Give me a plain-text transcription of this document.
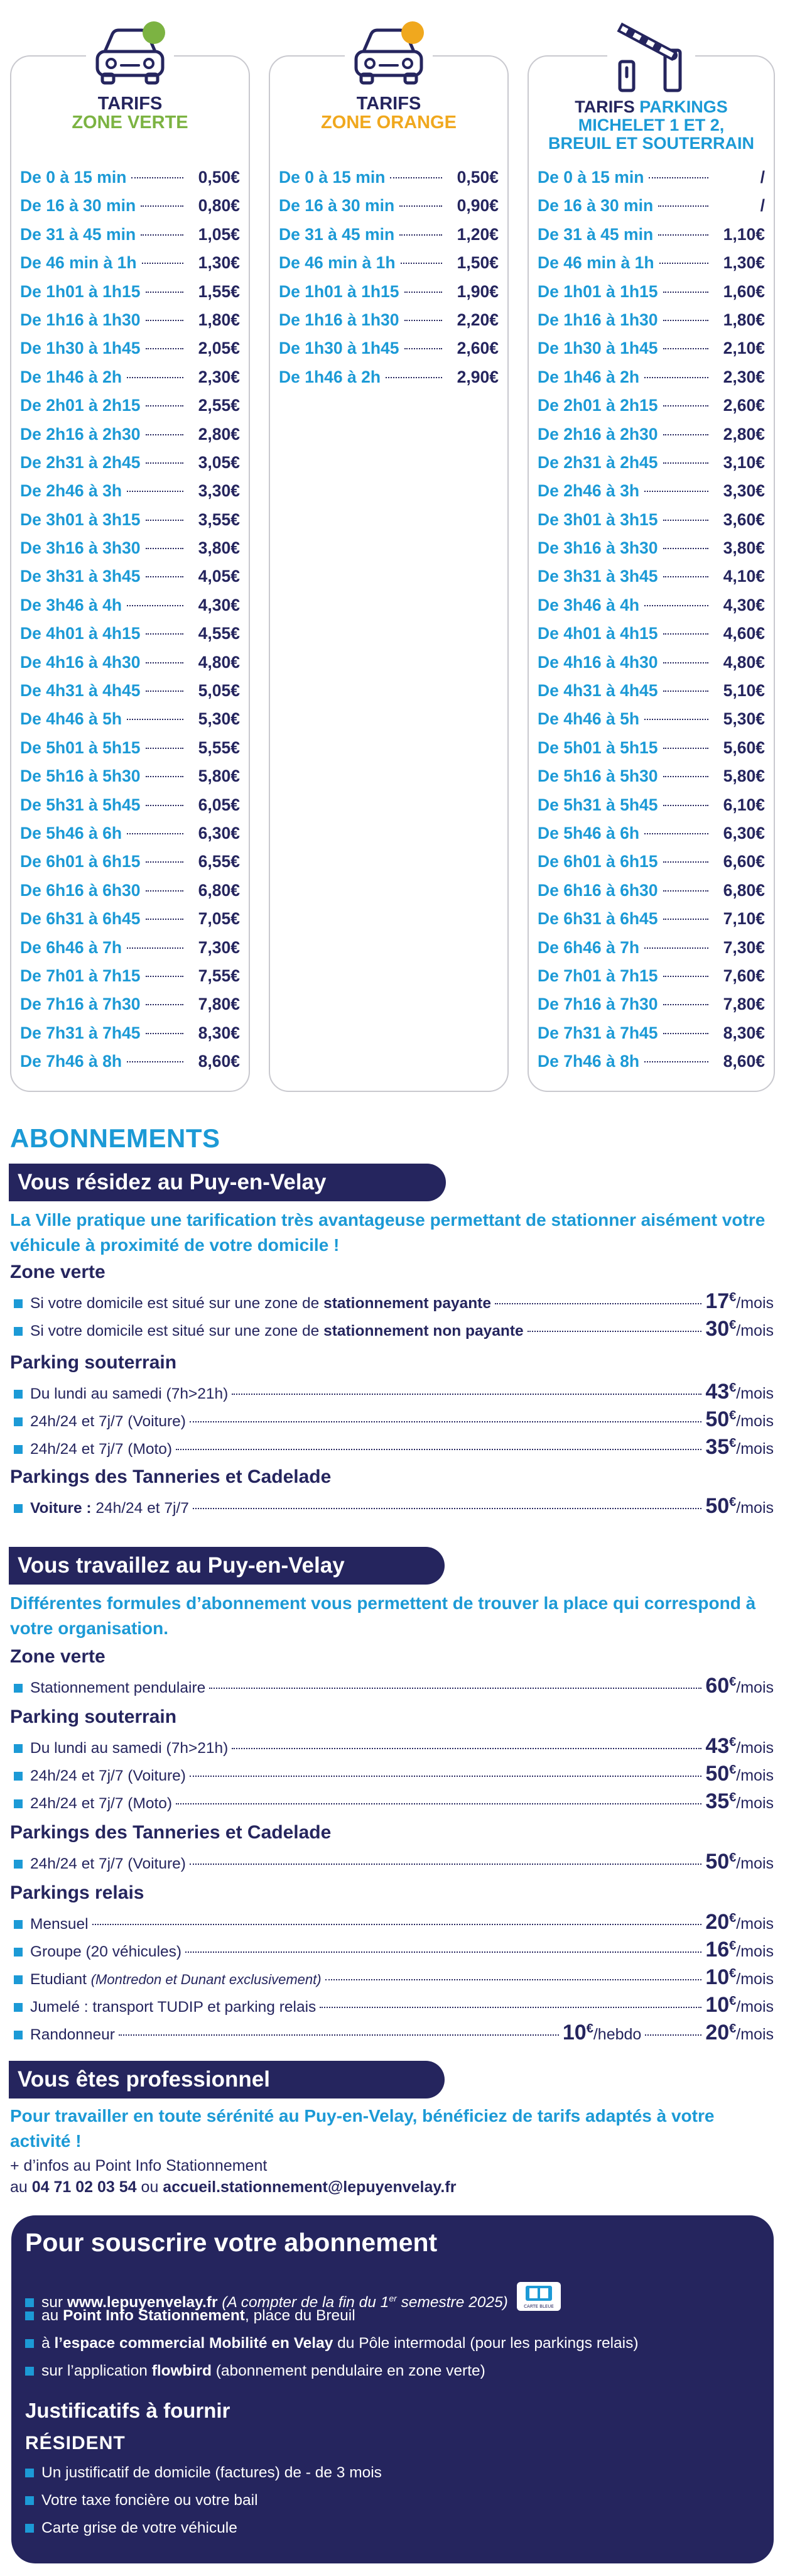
TARIFS
ZONE VERTE
De 0 à 15 min	0,50€
De 16 à 30 min	0,80€
De 31 à 45 min	1,05€
De 46 min à 1h	1,30€
De 1h01 à 1h15	1,55€
De 1h16 à 1h30	1,80€
De 1h30 à 1h45	2,05€
De 1h46 à 2h	2,30€
De 2h01 à 2h15	2,55€
De 2h16 à 2h30	2,80€
De 2h31 à 2h45	3,05€
De 2h46 à 3h	3,30€
De 3h01 à 3h15	3,55€
De 3h16 à 3h30	3,80€
De 3h31 à 3h45	4,05€
De 3h46 à 4h	4,30€
De 4h01 à 4h15	4,55€
De 4h16 à 4h30	4,80€
De 4h31 à 4h45	5,05€
De 4h46 à 5h	5,30€
De 5h01 à 5h15	5,55€
De 5h16 à 5h30	5,80€
De 5h31 à 5h45	6,05€
De 5h46 à 6h	6,30€
De 6h01 à 6h15	6,55€
De 6h16 à 6h30	6,80€
De 6h31 à 6h45	7,05€
De 6h46 à 7h	7,30€
De 7h01 à 7h15	7,55€
De 7h16 à 7h30	7,80€
De 7h31 à 7h45	8,30€
De 7h46 à 8h	8,60€
TARIFS
ZONE ORANGE
De 0 à 15 min	0,50€
De 16 à 30 min	0,90€
De 31 à 45 min	1,20€
De 46 min à 1h	1,50€
De 1h01 à 1h15	1,90€
De 1h16 à 1h30	2,20€
De 1h30 à 1h45	2,60€
De 1h46 à 2h	2,90€
TARIFS PARKINGS
MICHELET 1 ET 2,
BREUIL ET SOUTERRAIN
De 0 à 15 min	/
De 16 à 30 min	/
De 31 à 45 min	1,10€
De 46 min à 1h	1,30€
De 1h01 à 1h15	1,60€
De 1h16 à 1h30	1,80€
De 1h30 à 1h45	2,10€
De 1h46 à 2h	2,30€
De 2h01 à 2h15	2,60€
De 2h16 à 2h30	2,80€
De 2h31 à 2h45	3,10€
De 2h46 à 3h	3,30€
De 3h01 à 3h15	3,60€
De 3h16 à 3h30	3,80€
De 3h31 à 3h45	4,10€
De 3h46 à 4h	4,30€
De 4h01 à 4h15	4,60€
De 4h16 à 4h30	4,80€
De 4h31 à 4h45	5,10€
De 4h46 à 5h	5,30€
De 5h01 à 5h15	5,60€
De 5h16 à 5h30	5,80€
De 5h31 à 5h45	6,10€
De 5h46 à 6h	6,30€
De 6h01 à 6h15	6,60€
De 6h16 à 6h30	6,80€
De 6h31 à 6h45	7,10€
De 6h46 à 7h	7,30€
De 7h01 à 7h15	7,60€
De 7h16 à 7h30	7,80€
De 7h31 à 7h45	8,30€
De 7h46 à 8h	8,60€
ABONNEMENTS
Vous résidez au Puy-en-Velay
La Ville pratique une tarification très avantageuse permettant de stationner aisément votre véhicule à proximité de votre domicile !
Zone verte
Si votre domicile est situé sur une zone de stationnement payante	17€/mois
Si votre domicile est situé sur une zone de stationnement non payante	30€/mois
Parking souterrain
Du lundi au samedi (7h>21h)	43€/mois
24h/24 et 7j/7 (Voiture)	50€/mois
24h/24 et 7j/7 (Moto)	35€/mois
Parkings des Tanneries et Cadelade
Voiture : 24h/24 et 7j/7	50€/mois
Vous travaillez au Puy-en-Velay
Différentes formules d’abonnement vous permettent de trouver la place qui correspond à votre organisation.
Zone verte
Stationnement pendulaire	60€/mois
Parking souterrain
Du lundi au samedi (7h>21h)	43€/mois
24h/24 et 7j/7 (Voiture)	50€/mois
24h/24 et 7j/7 (Moto)	35€/mois
Parkings des Tanneries et Cadelade
24h/24 et 7j/7 (Voiture)	50€/mois
Parkings relais
Mensuel	20€/mois
Groupe (20 véhicules)	16€/mois
Etudiant (Montredon et Dunant exclusivement)	10€/mois
Jumelé : transport TUDIP et parking relais	10€/mois
Randonneur	10€/hebdo	20€/mois
Vous êtes professionnel
Pour travailler en toute sérénité au Puy-en-Velay, bénéficiez de tarifs adaptés à votre activité !
+ d’infos au Point Info Stationnement
au 04 71 02 03 54 ou accueil.stationnement@lepuyenvelay.fr
Pour souscrire votre abonnement
sur www.lepuyenvelay.fr (A compter de la fin du 1er semestre 2025)	CARTE BLEUE
au Point Info Stationnement, place du Breuil
à l’espace commercial Mobilité en Velay du Pôle intermodal (pour les parkings relais)
sur l’application flowbird (abonnement pendulaire en zone verte)
Justificatifs à fournir
RÉSIDENT
Un justificatif de domicile (factures) de - de 3 mois
Votre taxe foncière ou votre bail
Carte grise de votre véhicule
